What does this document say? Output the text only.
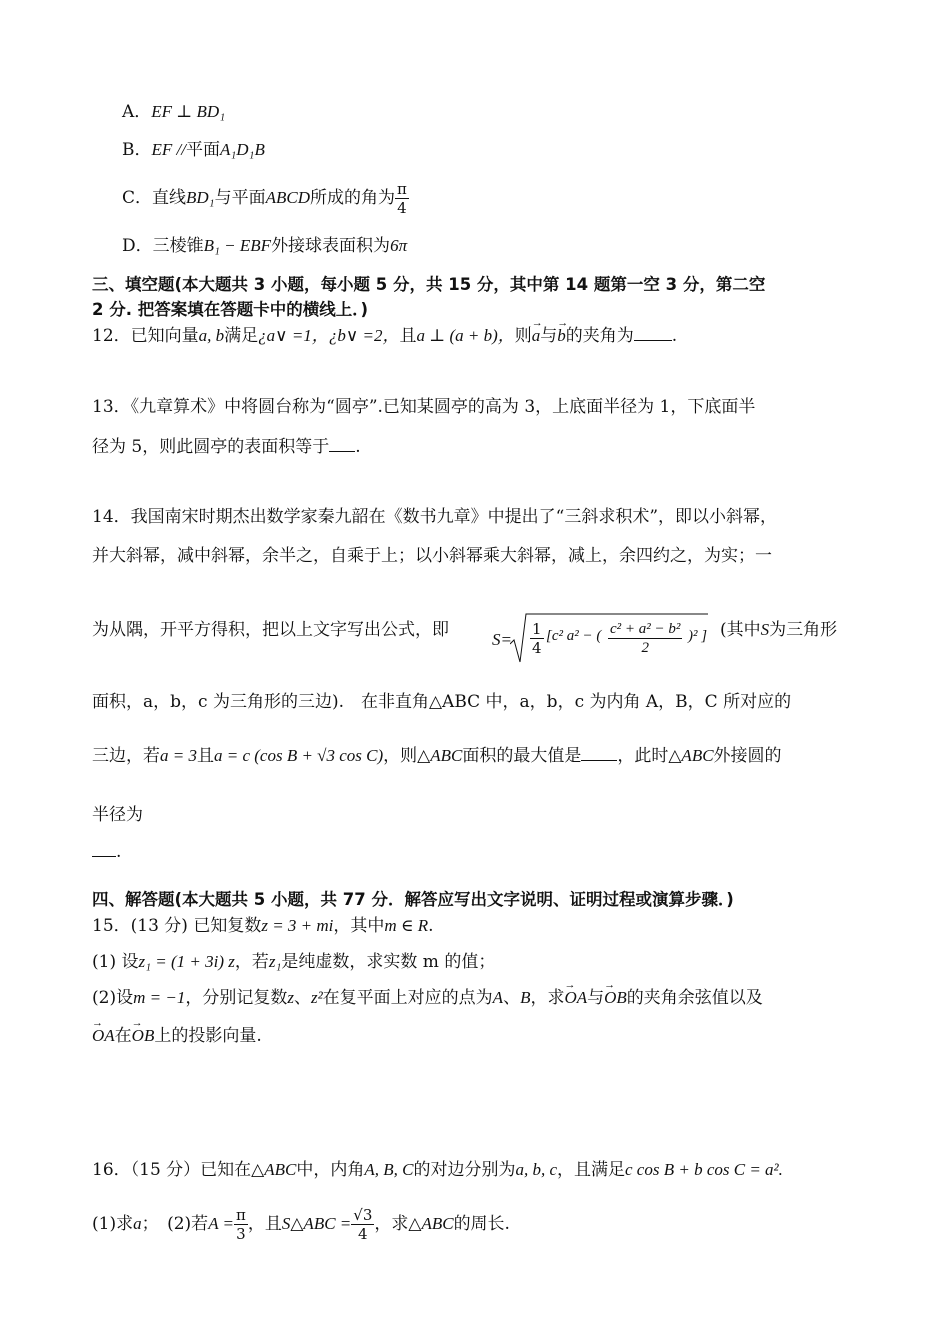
A．EF ⊥ BD₁
B．EF //平面A₁D₁B
C．直线BD₁与平面ABCD所成的角为 $\frac{\pi}{4}$
D．三棱锥B₁ − EBF外接球表面积为6π
三、填空题(本大题共 3 小题，每小题 5 分，共 15 分，其中第 14 题第一空 3 分，第二空
2 分. 把答案填在答题卡中的横线上．)
12．已知向量a, b满足¿a∨ =1，¿b∨ =2，且a ⊥ (a + b)，则→ a与→ b的夹角为 .
13．《九章算术》中将圆台称为“圆亭”.已知某圆亭的高为 3，上底面半径为 1，下底面半
径为 5，则此圆亭的表面积等于 .
14．我国南宋时期杰出数学家秦九韶在《数书九章》中提出了“三斜求积术”，即以小斜幂，
并大斜幂，减中斜幂，余半之，自乘于上；以小斜幂乘大斜幂，减上，余四约之，为实；一
为从隅，开平方得积，把以上文字写出公式，即	$S= \frac{1}{4} [c^2$ a² − ( $\frac{\text{c² + a² − b²}}{2} )^2$ ] (其中S为三角形
面积，a，b，c 为三角形的三边).　在非直角△ABC 中，a，b，c 为内角 A，B，C 所对应的
三边，若a = 3且a = c (cos B + √3 cos C)，则△ABC面积的最大值是 ，此时△ABC外接圆的
半径为
.
四、解答题(本大题共 5 小题，共 77 分．解答应写出文字说明、证明过程或演算步骤．)
15．(13 分) 已知复数z = 3 + mi，其中m ∈ R.
(1) 设z₁ = (1 + 3i) z，若z₁是纯虚数，求实数 m 的值；
(2)设m = −1，分别记复数z、z²在复平面上对应的点为A、B，求→ OA与→ OB的夹角余弦值以及
→ OA在→ OB上的投影向量.
16．（15 分）已知在△ABC中，内角A, B, C的对边分别为a, b, c，且满足c cos B + b cos C = a².
(1)求a；　(2)若$A = \frac{\pi}{3}$ ，且S△ABC = $\frac{√3}{4}$ ，求△ABC的周长.
